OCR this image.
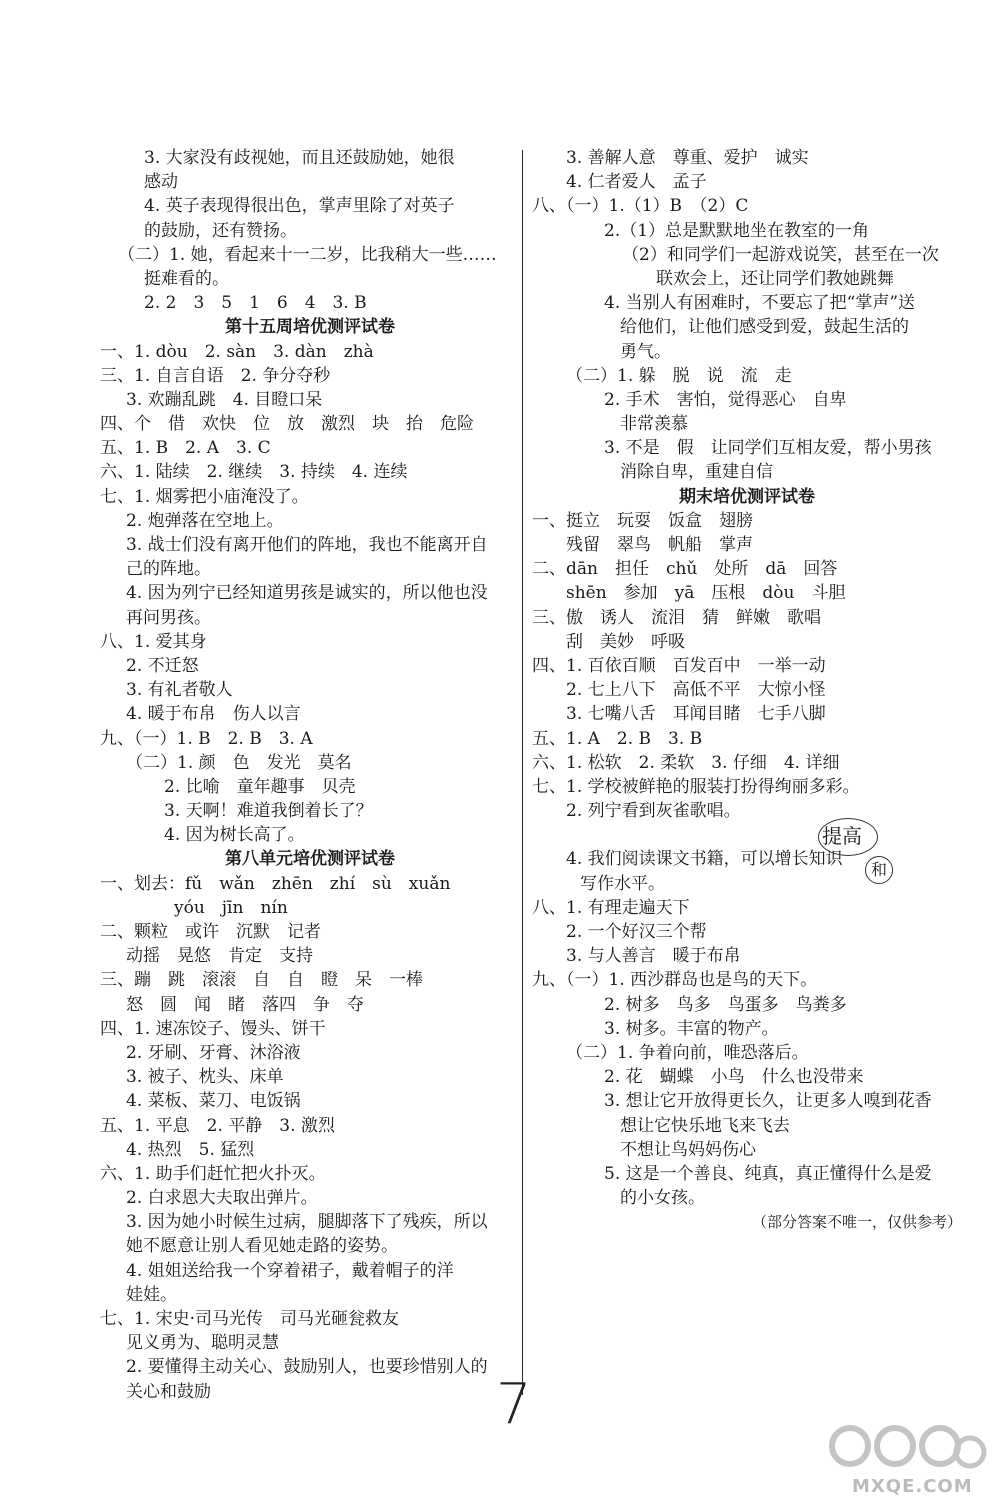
3. 大家没有歧视她，而且还鼓励她，她很
感动
4. 英子表现得很出色，掌声里除了对英子
的鼓励，还有赞扬。
（二）1. 她，看起来十一二岁，比我稍大一些……
挺难看的。
2. 2　3　5　1　6　4　3. B
第十五周培优测评试卷
一、1. dòu　2. sàn　3. dàn　zhà
三、1. 自言自语　2. 争分夺秒
3. 欢蹦乱跳　4. 目瞪口呆
四、个　借　欢快　位　放　激烈　块　抬　危险
五、1. B　2. A　3. C
六、1. 陆续　2. 继续　3. 持续　4. 连续
七、1. 烟雾把小庙淹没了。
2. 炮弹落在空地上。
3. 战士们没有离开他们的阵地，我也不能离开自
己的阵地。
4. 因为列宁已经知道男孩是诚实的，所以他也没
再问男孩。
八、1. 爱其身
2. 不迁怒
3. 有礼者敬人
4. 暖于布帛　伤人以言
九、（一）1. B　2. B　3. A
（二）1. 颜　色　发光　莫名
2. 比喻　童年趣事　贝壳
3. 天啊！难道我倒着长了？
4. 因为树长高了。
第八单元培优测评试卷
一、划去：fǔ　wǎn　zhēn　zhí　sù　xuǎn
yóu　jīn　nín
二、颗粒　或许　沉默　记者
动摇　晃悠　肯定　支持
三、蹦　跳　滚滚　自　自　瞪　呆　一棒
怒　圆　闻　睹　落四　争　夺
四、1. 速冻饺子、馒头、饼干
2. 牙刷、牙膏、沐浴液
3. 被子、枕头、床单
4. 菜板、菜刀、电饭锅
五、1. 平息　2. 平静　3. 激烈
4. 热烈　5. 猛烈
六、1. 助手们赶忙把火扑灭。
2. 白求恩大夫取出弹片。
3. 因为她小时候生过病，腿脚落下了残疾，所以
她不愿意让别人看见她走路的姿势。
4. 姐姐送给我一个穿着裙子，戴着帽子的洋
娃娃。
七、1. 宋史·司马光传　司马光砸瓮救友
见义勇为、聪明灵慧
2. 要懂得主动关心、鼓励别人，也要珍惜别人的
关心和鼓励
3. 善解人意　尊重、爱护　诚实
4. 仁者爱人　孟子
八、（一）1.（1）B　（2）C
2.（1）总是默默地坐在教室的一角
（2）和同学们一起游戏说笑，甚至在一次
联欢会上，还让同学们教她跳舞
4. 当别人有困难时，不要忘了把“掌声”送
给他们，让他们感受到爱，鼓起生活的
勇气。
（二）1. 躲　脱　说　流　走
2. 手术　害怕，觉得恶心　自卑
非常羡慕
3. 不是　假　让同学们互相友爱，帮小男孩
消除自卑，重建自信
期末培优测评试卷
一、挺立　玩耍　饭盒　翅膀
残留　翠鸟　帆船　掌声
二、dān　担任　chǔ　处所　dā　回答
shēn　参加　yā　压根　dòu　斗胆
三、傲　诱人　流泪　猜　鲜嫩　歌唱
刮　美妙　呼吸
四、1. 百依百顺　百发百中　一举一动
2. 七上八下　高低不平　大惊小怪
3. 七嘴八舌　耳闻目睹　七手八脚
五、1. A　2. B　3. B
六、1. 松软　2. 柔软　3. 仔细　4. 详细
七、1. 学校被鲜艳的服装打扮得绚丽多彩。
2. 列宁看到灰雀歌唱。
4. 我们阅读课文书籍，可以增长知识
写作水平。
八、1. 有理走遍天下
2. 一个好汉三个帮
3. 与人善言　暖于布帛
九、（一）1. 西沙群岛也是鸟的天下。
2. 树多　鸟多　鸟蛋多　鸟粪多
3. 树多。丰富的物产。
（二）1. 争着向前，唯恐落后。
2. 花　蝴蝶　小鸟　什么也没带来
3. 想让它开放得更长久，让更多人嗅到花香
想让它快乐地飞来飞去
不想让鸟妈妈伤心
5. 这是一个善良、纯真，真正懂得什么是爱
的小女孩。
（部分答案不唯一，仅供参考）
提高
和
7
MXQE.COM
